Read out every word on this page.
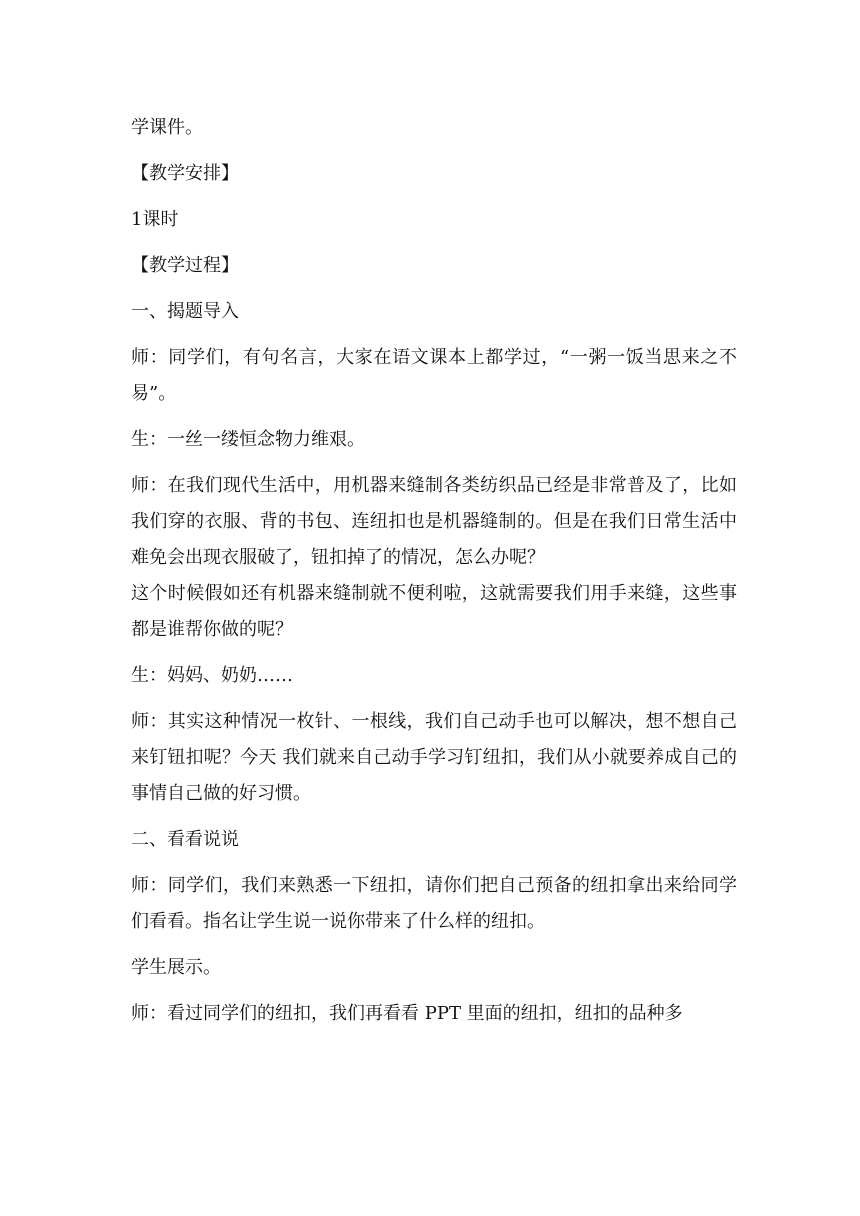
学课件。

【教学安排】

1课时

【教学过程】

一、揭题导入

师：同学们，有句名言，大家在语文课本上都学过，“一粥一饭当思来之不易”。

生：一丝一缕恒念物力维艰。

师：在我们现代生活中，用机器来缝制各类纺织品已经是非常普及了，比如我们穿的衣服、背的书包、连纽扣也是机器缝制的。但是在我们日常生活中难免会出现衣服破了，钮扣掉了的情况，怎么办呢？

这个时候假如还有机器来缝制就不便利啦，这就需要我们用手来缝，这些事都是谁帮你做的呢？

生：妈妈、奶奶……

师：其实这种情况一枚针、一根线，我们自己动手也可以解决，想不想自己来钉钮扣呢？今天 我们就来自己动手学习钉纽扣，我们从小就要养成自己的事情自己做的好习惯。

二、看看说说

师：同学们，我们来熟悉一下纽扣，请你们把自己预备的纽扣拿出来给同学们看看。指名让学生说一说你带来了什么样的纽扣。

学生展示。

师：看过同学们的纽扣，我们再看看 PPT 里面的纽扣，纽扣的品种多
